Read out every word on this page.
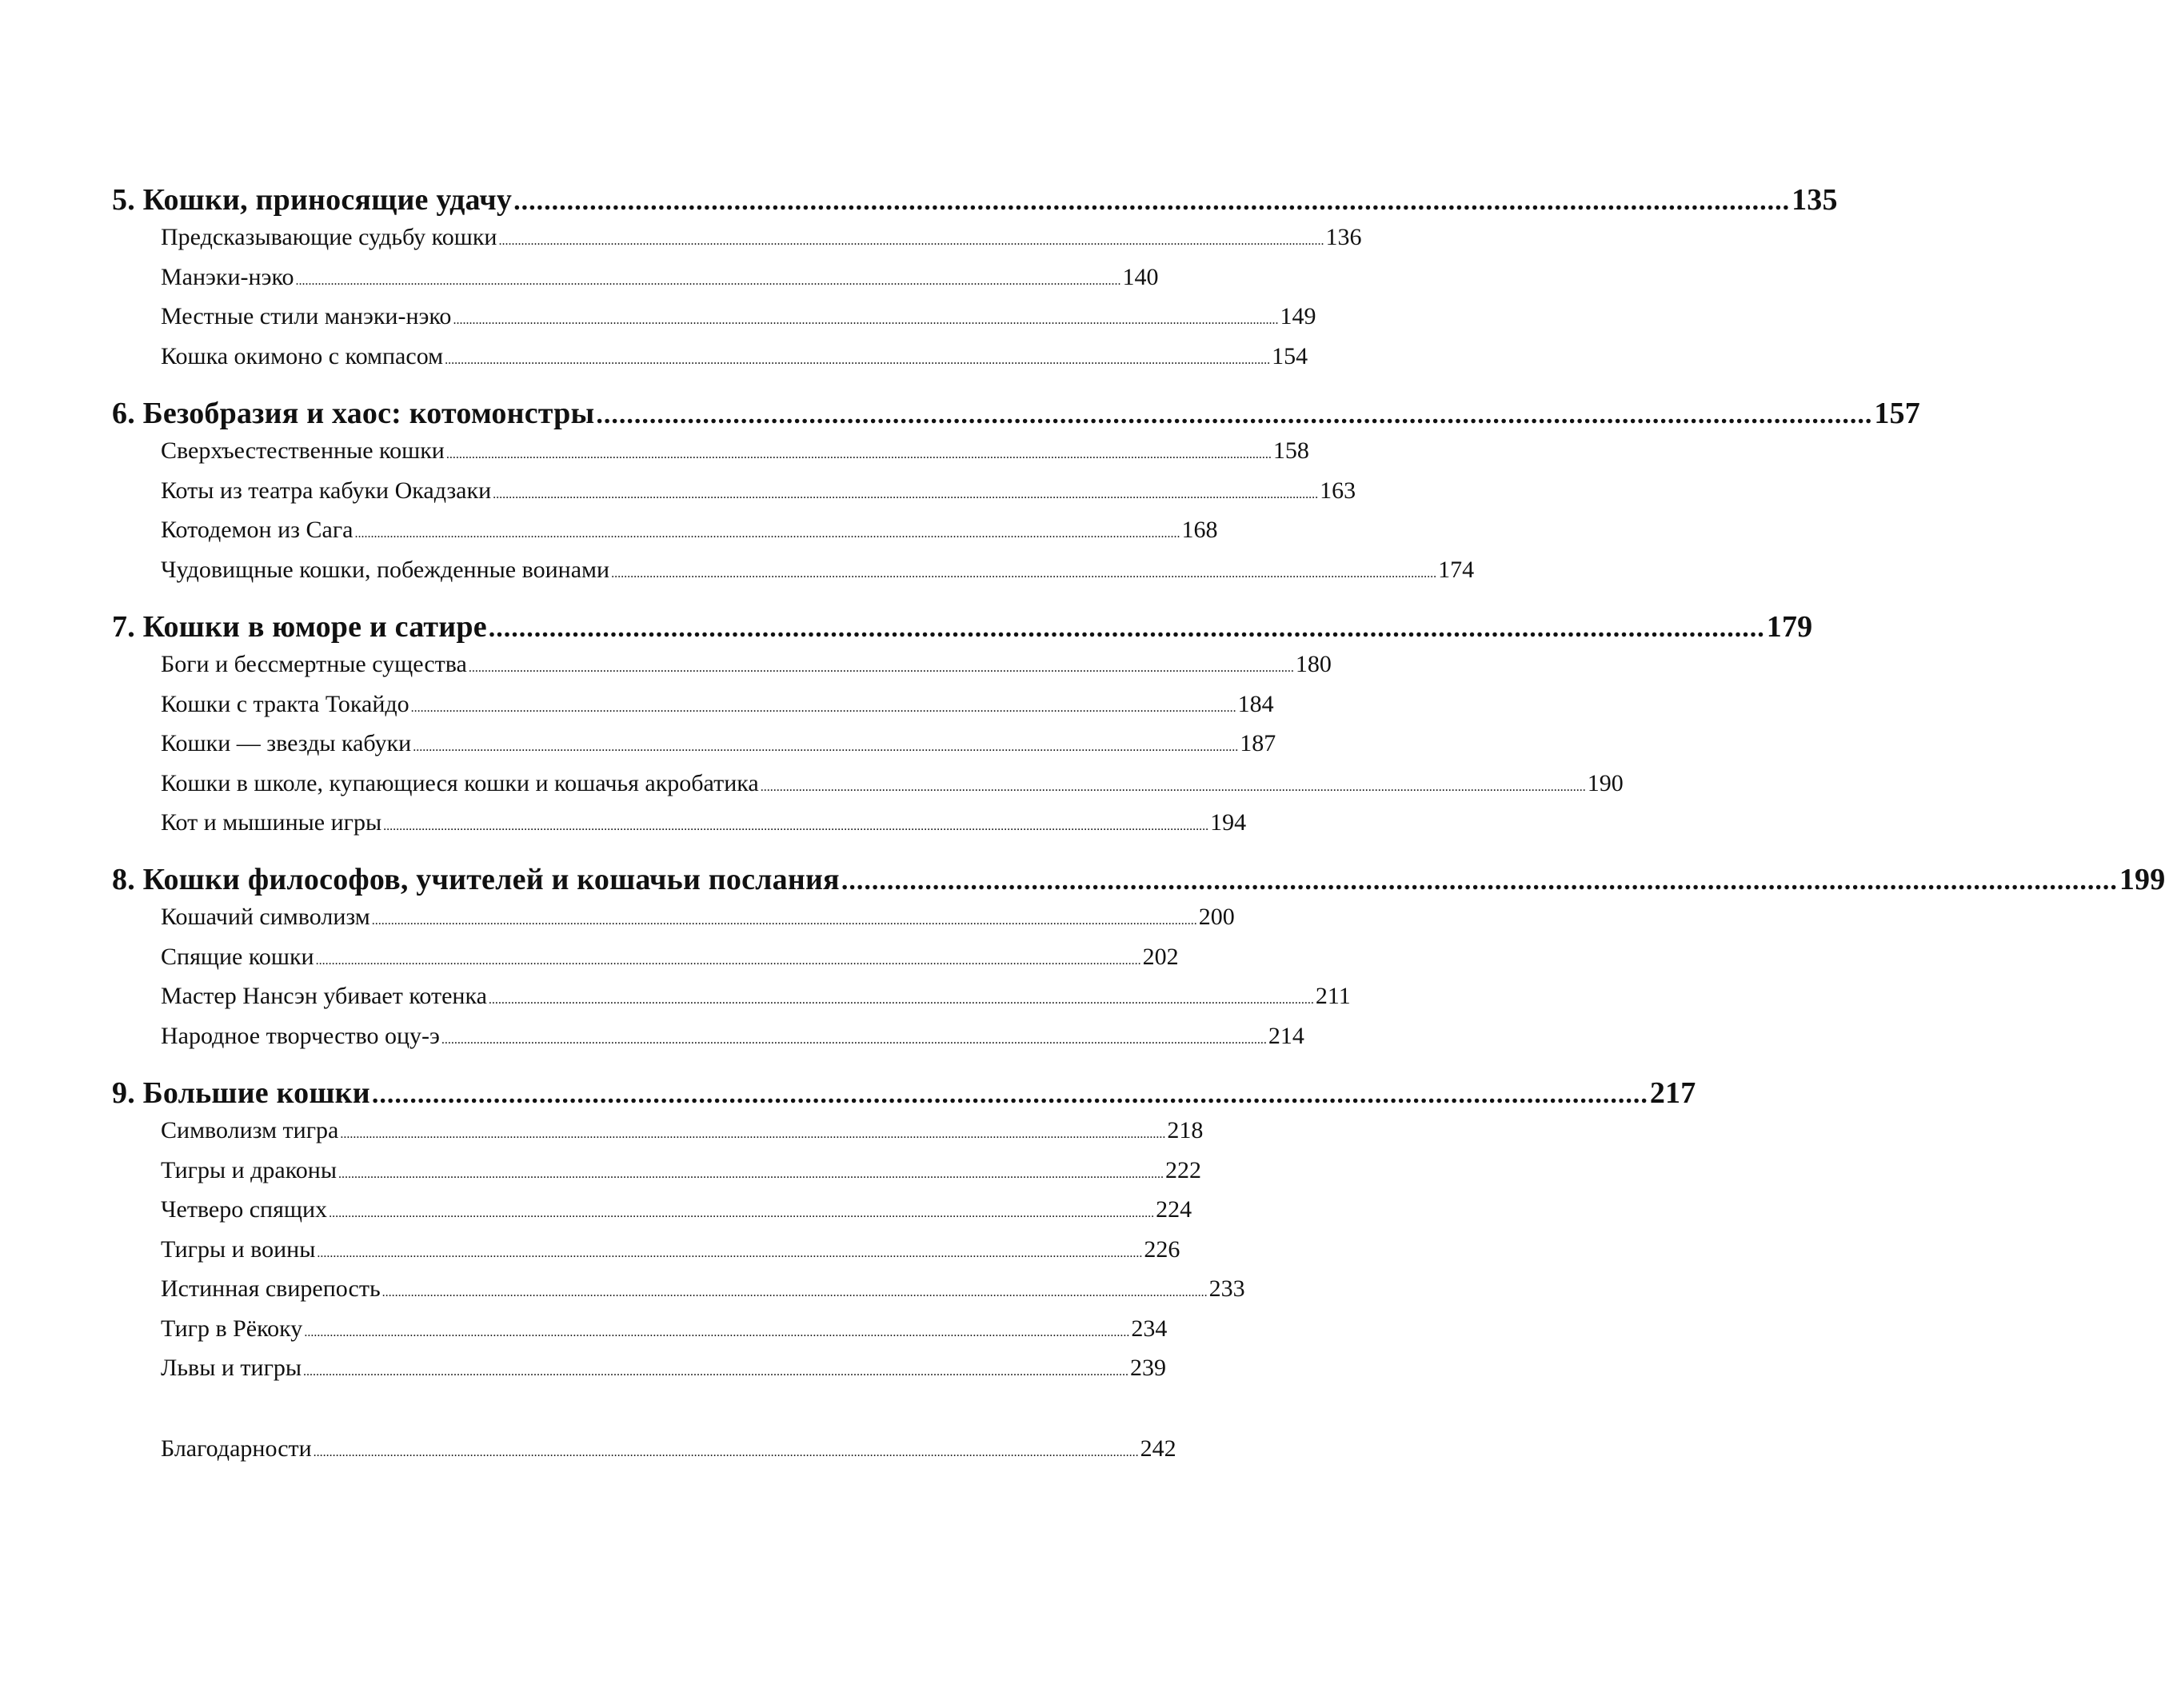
5. Кошки, приносящие удачу ........................................................................................................................................................................ 135
Предсказывающие судьбу кошки .................................................................................................................................................................................................................................................................. 136
Манэки-нэко .................................................................................................................................................................................................................................................................. 140
Местные стили манэки-нэко .................................................................................................................................................................................................................................................................. 149
Кошка окимоно с компасом .................................................................................................................................................................................................................................................................. 154
6. Безобразия и хаос: котомонстры ........................................................................................................................................................................ 157
Сверхъестественные кошки .................................................................................................................................................................................................................................................................. 158
Коты из театра кабуки Окадзаки .................................................................................................................................................................................................................................................................. 163
Котодемон из Сага .................................................................................................................................................................................................................................................................. 168
Чудовищные кошки, побежденные воинами .................................................................................................................................................................................................................................................................. 174
7. Кошки в юморе и сатире ........................................................................................................................................................................ 179
Боги и бессмертные существа .................................................................................................................................................................................................................................................................. 180
Кошки с тракта Токайдо .................................................................................................................................................................................................................................................................. 184
Кошки — звезды кабуки .................................................................................................................................................................................................................................................................. 187
Кошки в школе, купающиеся кошки и кошачья акробатика .................................................................................................................................................................................................................................................................. 190
Кот и мышиные игры .................................................................................................................................................................................................................................................................. 194
8. Кошки философов, учителей и кошачьи послания ........................................................................................................................................................................ 199
Кошачий символизм .................................................................................................................................................................................................................................................................. 200
Спящие кошки .................................................................................................................................................................................................................................................................. 202
Мастер Нансэн убивает котенка .................................................................................................................................................................................................................................................................. 211
Народное творчество оцу-э .................................................................................................................................................................................................................................................................. 214
9. Большие кошки ........................................................................................................................................................................ 217
Символизм тигра .................................................................................................................................................................................................................................................................. 218
Тигры и драконы .................................................................................................................................................................................................................................................................. 222
Четверо спящих .................................................................................................................................................................................................................................................................. 224
Тигры и воины .................................................................................................................................................................................................................................................................. 226
Истинная свирепость .................................................................................................................................................................................................................................................................. 233
Тигр в Рёкоку .................................................................................................................................................................................................................................................................. 234
Львы и тигры .................................................................................................................................................................................................................................................................. 239
Благодарности .................................................................................................................................................................................................................................................................. 242
